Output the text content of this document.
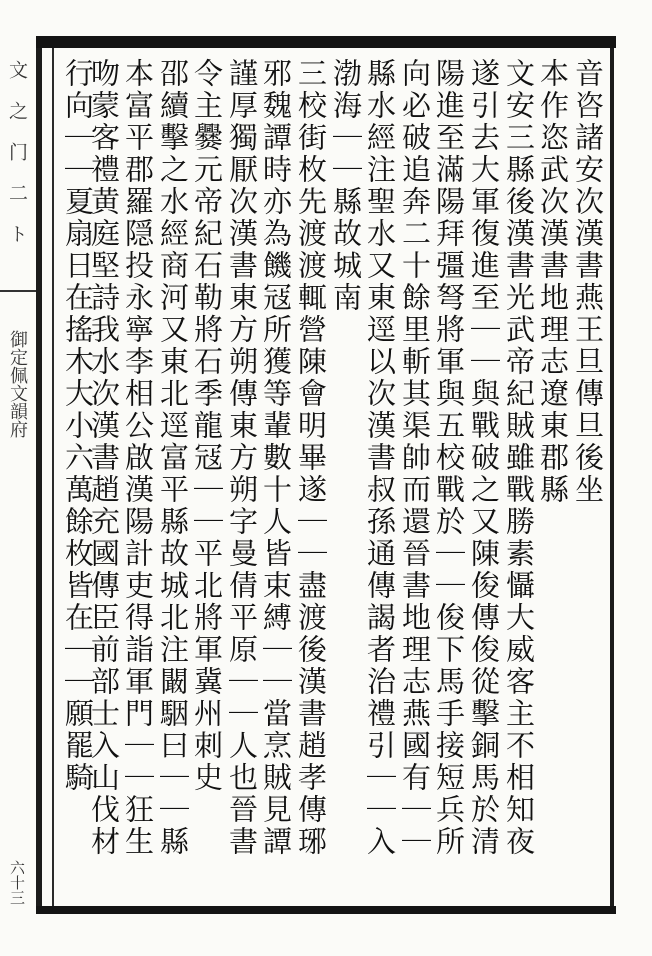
文 之 门 二 ト
御定佩文韻府
六十三
音咨諸安次漢書燕王旦傳旦後坐
本作恣武次漢書地理志遼東郡縣
文安三縣後漢書光武帝紀賊雖戰勝素懾大威客主不相知夜
遂引去大軍復進至｜｜與戰破之又陳俊傳俊從擊銅馬於清
陽進至滿陽拜彊弩將軍與五校戰於｜｜俊下馬手接短兵所
向必破追奔二十餘里斬其渠帥而還晉書地理志燕國有｜｜
縣水經注聖水又東逕以次漢書叔孫通傳謁者治禮引｜｜入
渤海｜｜縣故城南
三校街枚先渡渡輒營陳會明畢遂｜｜盡渡後漢書趙孝傳琊
邪魏譚時亦為饑冦所獲等輩數十人皆束縛｜｜當烹賊見譚
謹厚獨厭次漢書東方朔傳東方朔字曼倩平原｜｜人也晉書
令主爨元帝紀石勒將石季龍冦｜｜平北將軍冀州刺史
邵續擊之水經商河又東北逕富平縣故城北注闞駰曰｜｜縣
本富平郡羅隠投永寧李相公啟漢陽計吏得詣軍門｜｜狂生
吻蒙客禮黄庭堅詩我水次漢書趙充國傳臣前部士入山伐材
行向｜｜夏扇日在搖木大小六萬餘枚皆在｜｜願罷騎
